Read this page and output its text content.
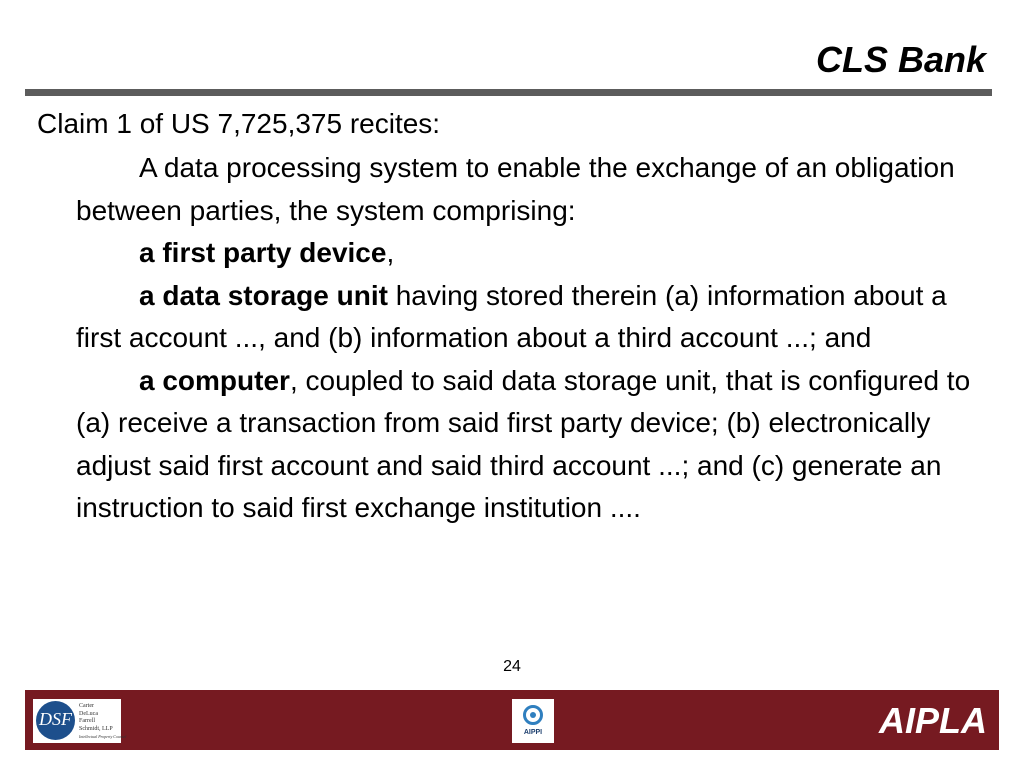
CLS Bank
Claim 1 of US 7,725,375 recites:

A data processing system to enable the exchange of an obligation between parties, the system comprising:

a first party device,

a data storage unit having stored therein (a) information about a first account ..., and (b) information about a third account ...; and

a computer, coupled to said data storage unit, that is configured to (a) receive a transaction from said first party device; (b) electronically adjust said first account and said third account ...; and (c) generate an instruction to said first exchange institution ....

24
DSF
Carter
DeLuca
Farrell
Schmidt, LLP
Intellectual Property Counsel
AIPPI	AIPLA
